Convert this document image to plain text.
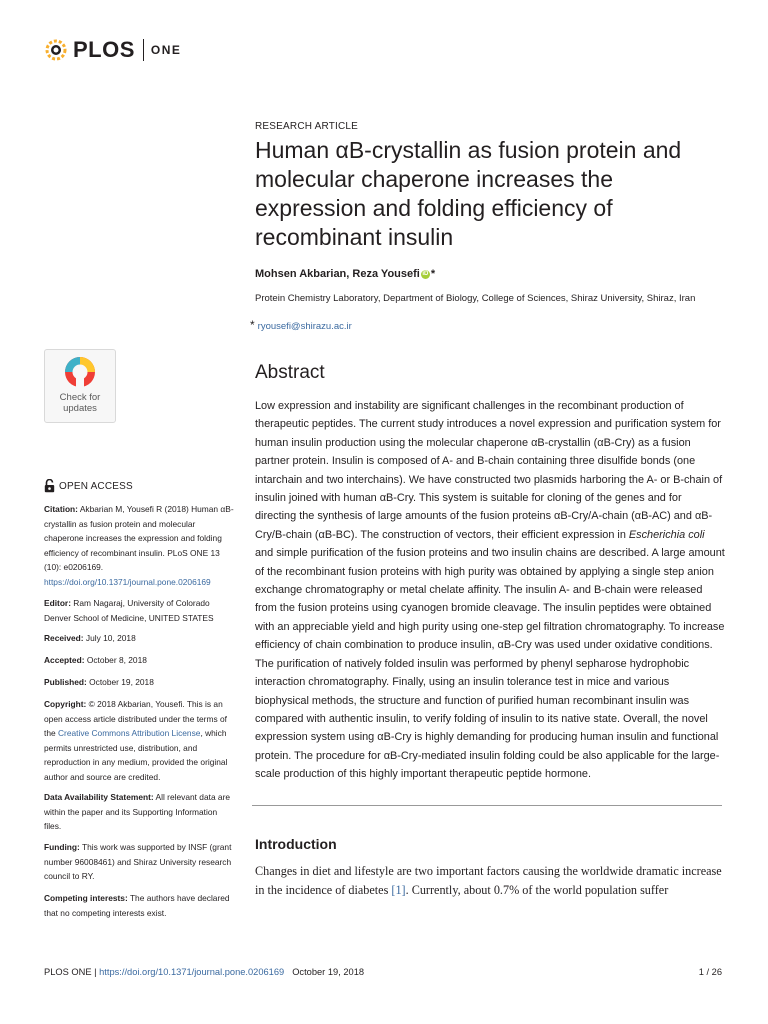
PLOS ONE
RESEARCH ARTICLE
Human αB-crystallin as fusion protein and molecular chaperone increases the expression and folding efficiency of recombinant insulin
Mohsen Akbarian, Reza Yousefi iD *
Protein Chemistry Laboratory, Department of Biology, College of Sciences, Shiraz University, Shiraz, Iran
* ryousefi@shirazu.ac.ir
Abstract

Low expression and instability are significant challenges in the recombinant production of therapeutic peptides. The current study introduces a novel expression and purification system for human insulin production using the molecular chaperone αB-crystallin (αB-Cry) as a fusion partner protein. Insulin is composed of A- and B-chain containing three disulfide bonds (one intarchain and two interchains). We have constructed two plasmids harboring the A- or B-chain of insulin joined with human αB-Cry. This system is suitable for cloning of the genes and for directing the synthesis of large amounts of the fusion proteins αB-Cry/A-chain (αB-AC) and αB-Cry/B-chain (αB-BC). The construction of vectors, their efficient expression in Escherichia coli and simple purification of the fusion proteins and two insulin chains are described. A large amount of the recombinant fusion proteins with high purity was obtained by applying a single step anion exchange chromatography or metal chelate affinity. The insulin A- and B-chain were released from the fusion proteins using cyanogen bromide cleavage. The insulin peptides were obtained with an appreciable yield and high purity using one-step gel filtration chromatography. To increase efficiency of chain combination to produce insulin, αB-Cry was used under oxidative conditions. The purification of natively folded insulin was performed by phenyl sepharose hydrophobic interaction chromatography. Finally, using an insulin tolerance test in mice and various biophysical methods, the structure and function of purified human recombinant insulin was compared with authentic insulin, to verify folding of insulin to its native state. Overall, the novel expression system using αB-Cry is highly demanding for producing human insulin and functional protein. The procedure for αB-Cry-mediated insulin folding could be also applicable for the large-scale production of this highly important therapeutic peptide hormone.

Introduction
Changes in diet and lifestyle are two important factors causing the worldwide dramatic increase in the incidence of diabetes [1]. Currently, about 0.7% of the world population suffer
Check for
updates
OPEN ACCESS
Citation: Akbarian M, Yousefi R (2018) Human αB-crystallin as fusion protein and molecular chaperone increases the expression and folding efficiency of recombinant insulin. PLoS ONE 13 (10): e0206169. https://doi.org/10.1371/journal.pone.0206169
Editor: Ram Nagaraj, University of Colorado Denver School of Medicine, UNITED STATES
Received: July 10, 2018
Accepted: October 8, 2018
Published: October 19, 2018
Copyright: © 2018 Akbarian, Yousefi. This is an open access article distributed under the terms of the Creative Commons Attribution License, which permits unrestricted use, distribution, and reproduction in any medium, provided the original author and source are credited.
Data Availability Statement: All relevant data are within the paper and its Supporting Information files.
Funding: This work was supported by INSF (grant number 96008461) and Shiraz University research council to RY.
Competing interests: The authors have declared that no competing interests exist.
PLOS ONE | https://doi.org/10.1371/journal.pone.0206169 October 19, 2018	1 / 26
